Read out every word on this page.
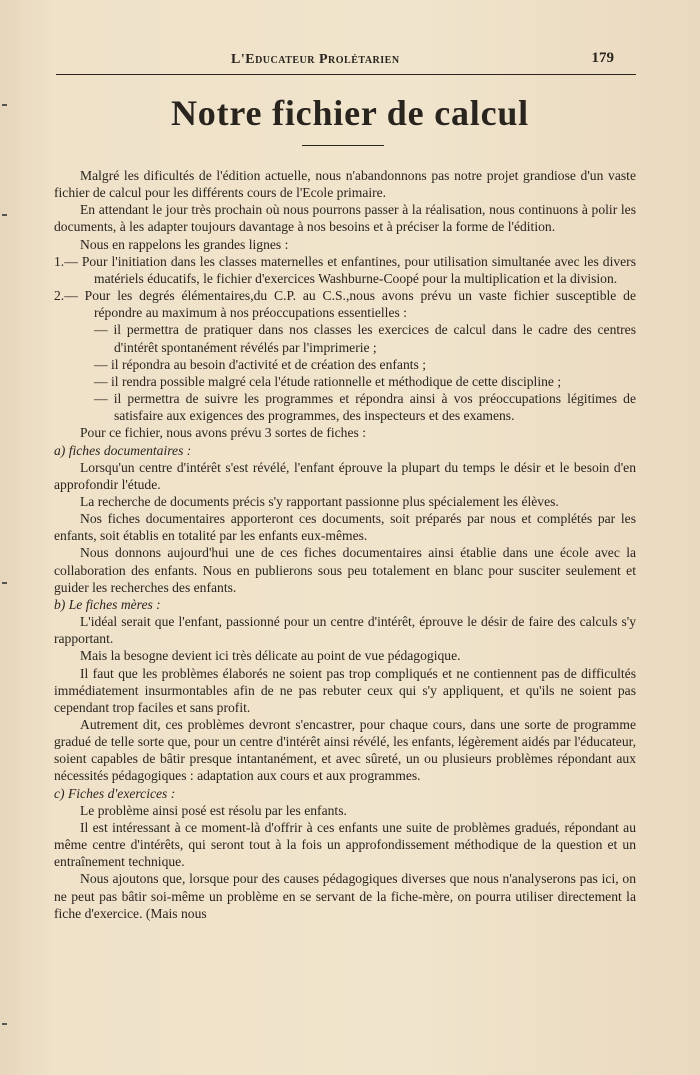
L'Educateur Prolétarien	179
Notre fichier de calcul

Malgré les dificultés de l'édition actuelle, nous n'abandonnons pas notre projet grandiose d'un vaste fichier de calcul pour les différents cours de l'Ecole primaire.

En attendant le jour très prochain où nous pourrons passer à la réalisation, nous continuons à polir les documents, à les adapter toujours davantage à nos besoins et à préciser la forme de l'édition.

Nous en rappelons les grandes lignes :

1.— Pour l'initiation dans les classes maternelles et enfantines, pour utilisation simultanée avec les divers matériels éducatifs, le fichier d'exercices Washburne-Coopé pour la multiplication et la division.

2.— Pour les degrés élémentaires,du C.P. au C.S.,nous avons prévu un vaste fichier susceptible de répondre au maximum à nos préoccupations essentielles :

— il permettra de pratiquer dans nos classes les exercices de calcul dans le cadre des centres d'intérêt spontanément révélés par l'imprimerie ;

— il répondra au besoin d'activité et de création des enfants ;

— il rendra possible malgré cela l'étude rationnelle et méthodique de cette discipline ;

— il permettra de suivre les programmes et répondra ainsi à vos préoccupations légitimes de satisfaire aux exigences des programmes, des inspecteurs et des examens.

Pour ce fichier, nous avons prévu 3 sortes de fiches :

a) fiches documentaires :

Lorsqu'un centre d'intérêt s'est révélé, l'enfant éprouve la plupart du temps le désir et le besoin d'en approfondir l'étude.

La recherche de documents précis s'y rapportant passionne plus spécialement les élèves.

Nos fiches documentaires apporteront ces documents, soit préparés par nous et complétés par les enfants, soit établis en totalité par les enfants eux-mêmes.

Nous donnons aujourd'hui une de ces fiches documentaires ainsi établie dans une école avec la collaboration des enfants. Nous en publierons sous peu totalement en blanc pour susciter seulement et guider les recherches des enfants.

b) Le fiches mères :

L'idéal serait que l'enfant, passionné pour un centre d'intérêt, éprouve le désir de faire des calculs s'y rapportant.

Mais la besogne devient ici très délicate au point de vue pédagogique.

Il faut que les problèmes élaborés ne soient pas trop compliqués et ne contiennent pas de difficultés immédiatement insurmontables afin de ne pas rebuter ceux qui s'y appliquent, et qu'ils ne soient pas cependant trop faciles et sans profit.

Autrement dit, ces problèmes devront s'encastrer, pour chaque cours, dans une sorte de programme gradué de telle sorte que, pour un centre d'intérêt ainsi révélé, les enfants, légèrement aidés par l'éducateur, soient capables de bâtir presque intantanément, et avec sûreté, un ou plusieurs problèmes répondant aux nécessités pédagogiques : adaptation aux cours et aux programmes.

c) Fiches d'exercices :

Le problème ainsi posé est résolu par les enfants.

Il est intéressant à ce moment-là d'offrir à ces enfants une suite de problèmes gradués, répondant au même centre d'intérêts, qui seront tout à la fois un approfondissement méthodique de la question et un entraînement technique.

Nous ajoutons que, lorsque pour des causes pédagogiques diverses que nous n'analyserons pas ici, on ne peut pas bâtir soi-même un problème en se servant de la fiche-mère, on pourra utiliser directement la fiche d'exercice. (Mais nous
